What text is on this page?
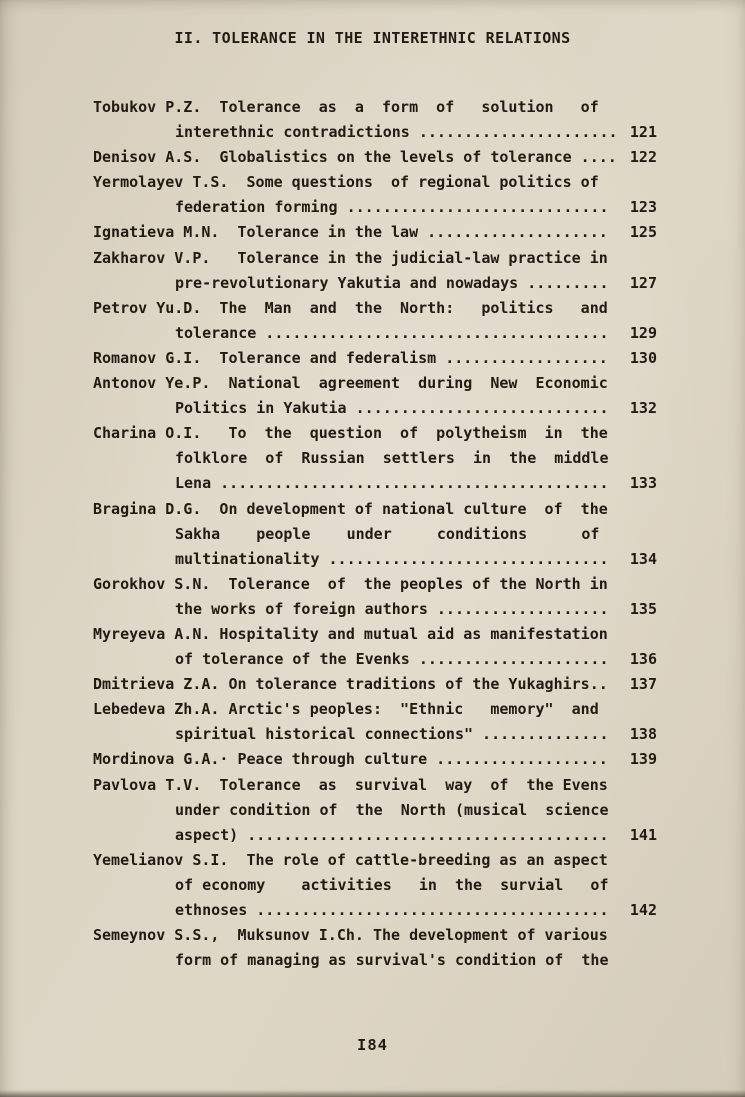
II. TOLERANCE IN THE INTERETHNIC RELATIONS
Tobukov P.Z.  Tolerance  as  a  form  of   solution   of
interethnic contradictions ...................... 121
Denisov A.S.  Globalistics on the levels of tolerance .... 122
Yermolayev T.S.  Some questions  of regional politics of
federation forming ............................. 123
Ignatieva M.N.  Tolerance in the law .................... 125
Zakharov V.P.   Tolerance in the judicial-law practice in
pre-revolutionary Yakutia and nowadays ......... 127
Petrov Yu.D.  The  Man  and  the  North:   politics   and
tolerance ...................................... 129
Romanov G.I.  Tolerance and federalism .................. 130
Antonov Ye.P.  National  agreement  during  New  Economic
Politics in Yakutia ............................ 132
Charina O.I.   To  the  question  of  polytheism  in  the
folklore  of  Russian  settlers  in  the  middle
Lena ........................................... 133
Bragina D.G.  On development of national culture  of  the
Sakha    people    under     conditions      of
multinationality ............................... 134
Gorokhov S.N.  Tolerance  of  the peoples of the North in
the works of foreign authors ................... 135
Myreyeva A.N. Hospitality and mutual aid as manifestation
of tolerance of the Evenks ..................... 136
Dmitrieva Z.A. On tolerance traditions of the Yukaghirs.. 137
Lebedeva Zh.A. Arctic's peoples:  "Ethnic   memory"  and
spiritual historical connections" .............. 138
Mordinova G.A.· Peace through culture ................... 139
Pavlova T.V.  Tolerance  as  survival  way  of  the Evens
under condition of  the  North (musical  science
aspect) ........................................ 141
Yemelianov S.I.  The role of cattle-breeding as an aspect
of economy    activities   in  the  survial   of
ethnoses ....................................... 142
Semeynov S.S.,  Muksunov I.Ch. The development of various
form of managing as survival's condition of  the
I84
